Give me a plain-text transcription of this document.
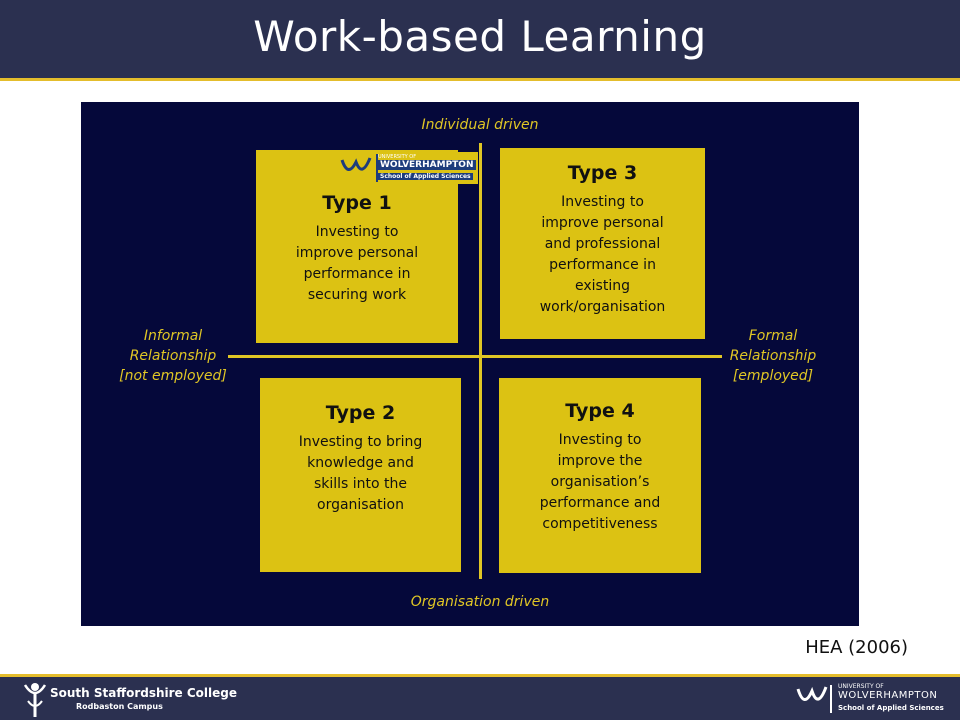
Work-based Learning
Individual driven
Organisation driven
Informal
Relationship
[not employed]
Formal
Relationship
[employed]
Type 1
Investing to
improve personal
performance in
securing work
UNIVERSITY OF
WOLVERHAMPTON
School of Applied Sciences	Type 3
Investing to
improve personal
and professional
performance in
existing
work/organisation
Type 2
Investing to bring
knowledge and
skills into the
organisation
Type 4
Investing to
improve the
organisation’s
performance and
competitiveness
HEA (2006)
South Staffordshire College
Rodbaston Campus
UNIVERSITY OF
WOLVERHAMPTON
School of Applied Sciences
